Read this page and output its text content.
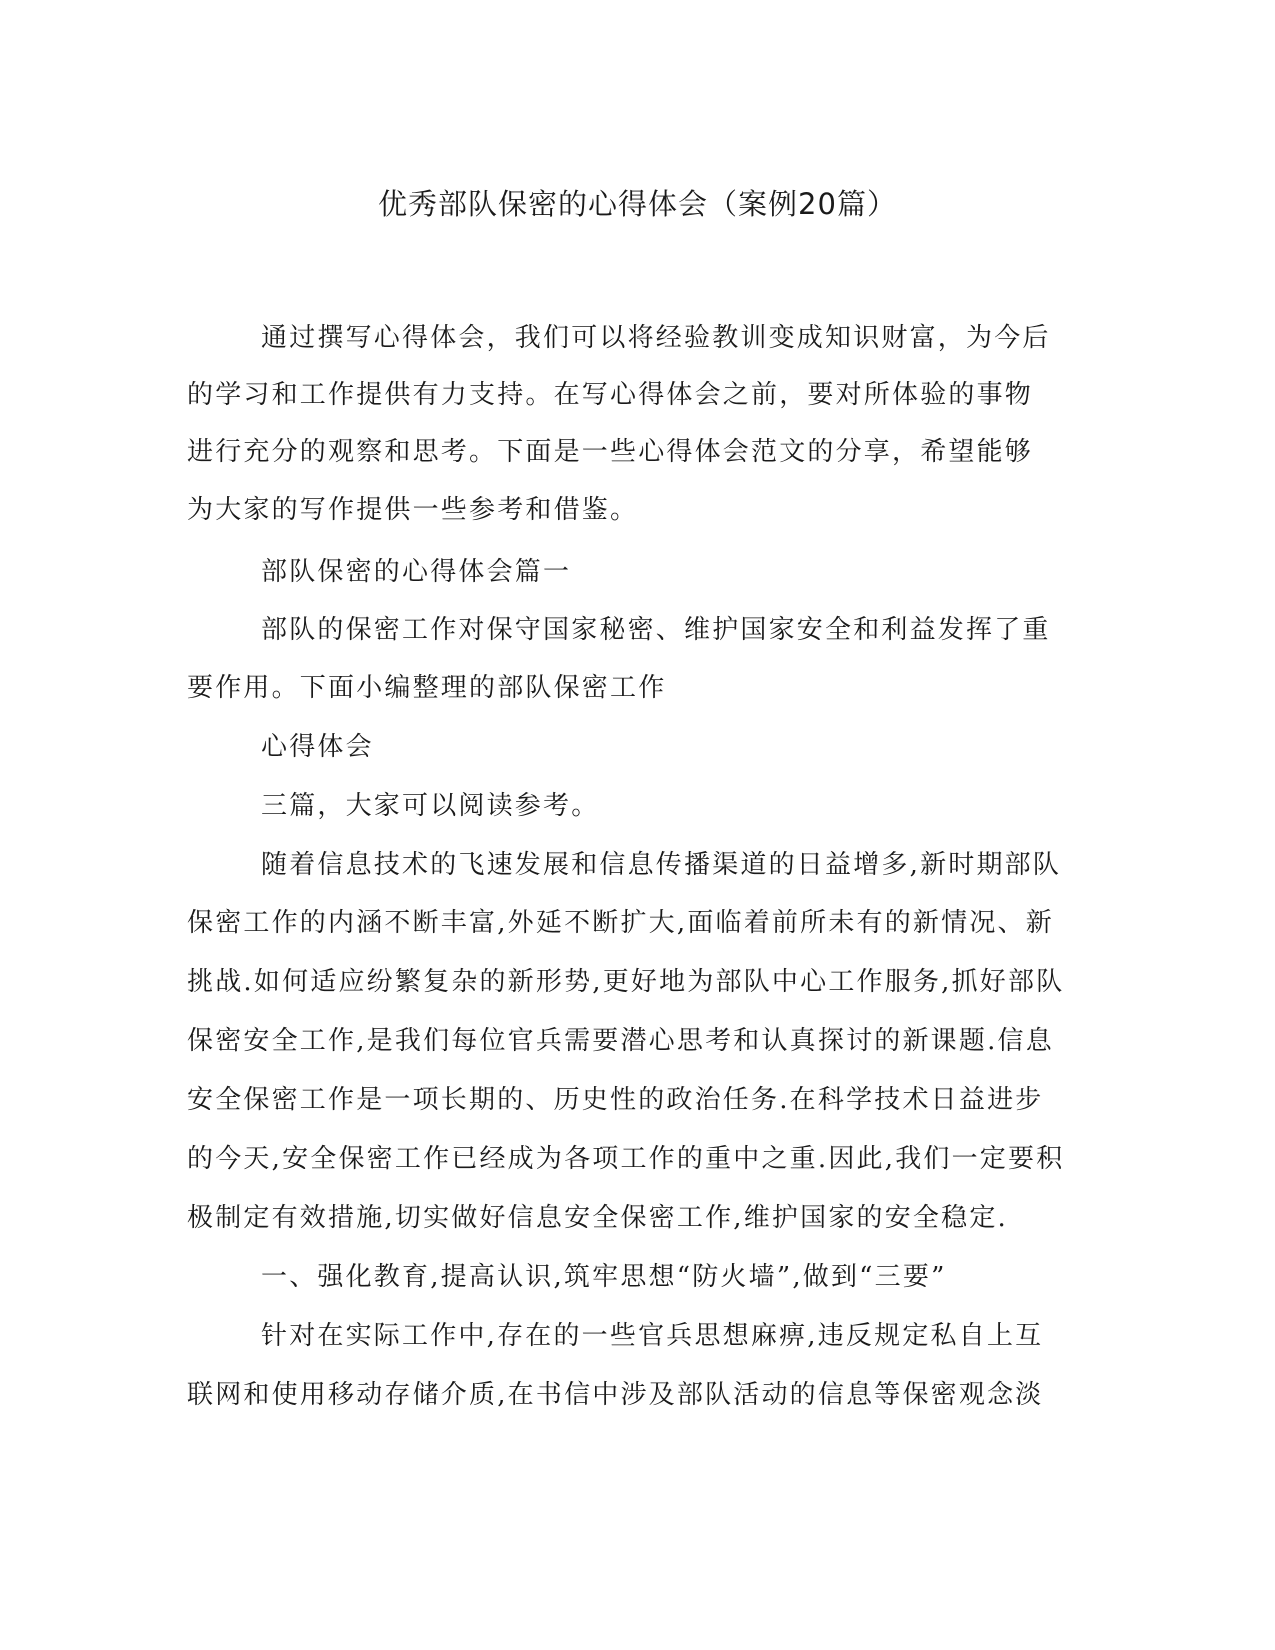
优秀部队保密的心得体会（案例20篇）

通过撰写心得体会，我们可以将经验教训变成知识财富，为今后

的学习和工作提供有力支持。在写心得体会之前，要对所体验的事物

进行充分的观察和思考。下面是一些心得体会范文的分享，希望能够

为大家的写作提供一些参考和借鉴。

部队保密的心得体会篇一

部队的保密工作对保守国家秘密、维护国家安全和利益发挥了重

要作用。下面小编整理的部队保密工作

心得体会

三篇，大家可以阅读参考。

随着信息技术的飞速发展和信息传播渠道的日益增多,新时期部队

保密工作的内涵不断丰富,外延不断扩大,面临着前所未有的新情况、新

挑战.如何适应纷繁复杂的新形势,更好地为部队中心工作服务,抓好部队

保密安全工作,是我们每位官兵需要潜心思考和认真探讨的新课题.信息

安全保密工作是一项长期的、历史性的政治任务.在科学技术日益进步

的今天,安全保密工作已经成为各项工作的重中之重.因此,我们一定要积

极制定有效措施,切实做好信息安全保密工作,维护国家的安全稳定.

一、强化教育,提高认识,筑牢思想“防火墙”,做到“三要”

针对在实际工作中,存在的一些官兵思想麻痹,违反规定私自上互

联网和使用移动存储介质,在书信中涉及部队活动的信息等保密观念淡
